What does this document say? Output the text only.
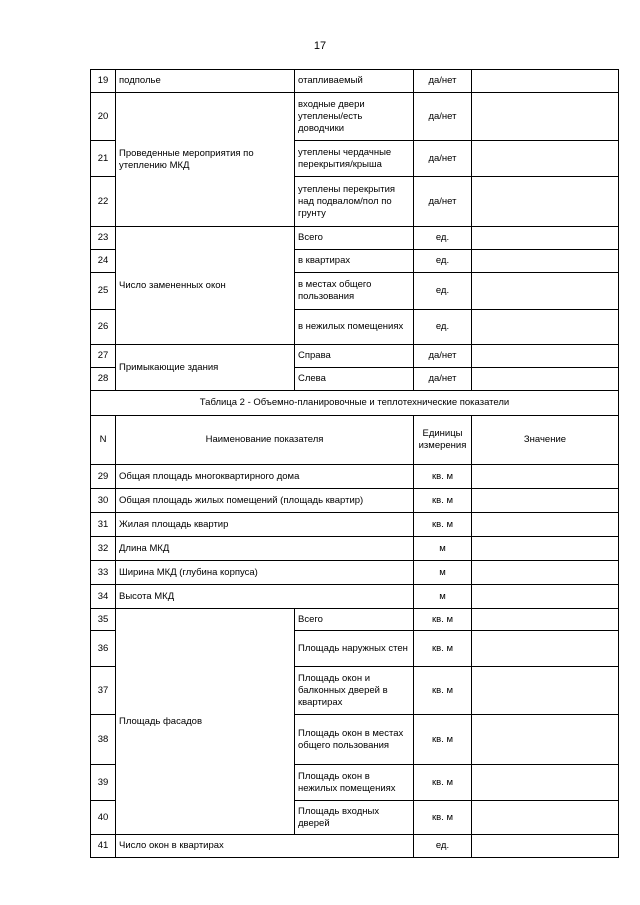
17
19	подполье	отапливаемый	да/нет	
20	Проведенные мероприятия по утеплению МКД	входные двери утеплены/есть доводчики	да/нет	
21		утеплены чердачные перекрытия/крыша	да/нет	
22		утеплены перекрытия над подвалом/пол по грунту	да/нет	
23	Число замененных окон	Всего	ед.	
24		в квартирах	ед.	
25		в местах общего пользования	ед.	
26		в нежилых помещениях	ед.	
27	Примыкающие здания	Справа	да/нет	
28		Слева	да/нет	
Таблица 2 - Объемно-планировочные и теплотехнические показатели				
N	Наименование показателя		Единицы измерения	Значение
29	Общая площадь многоквартирного дома		кв. м	
30	Общая площадь жилых помещений (площадь квартир)		кв. м	
31	Жилая площадь квартир		кв. м	
32	Длина МКД		м	
33	Ширина МКД (глубина корпуса)		м	
34	Высота МКД		м	
35	Площадь фасадов	Всего	кв. м	
36		Площадь наружных стен	кв. м	
37		Площадь окон и балконных дверей в квартирах	кв. м	
38		Площадь окон в местах общего пользования	кв. м	
39		Площадь окон в нежилых помещениях	кв. м	
40		Площадь входных дверей	кв. м	
41	Число окон в квартирах		ед.	
